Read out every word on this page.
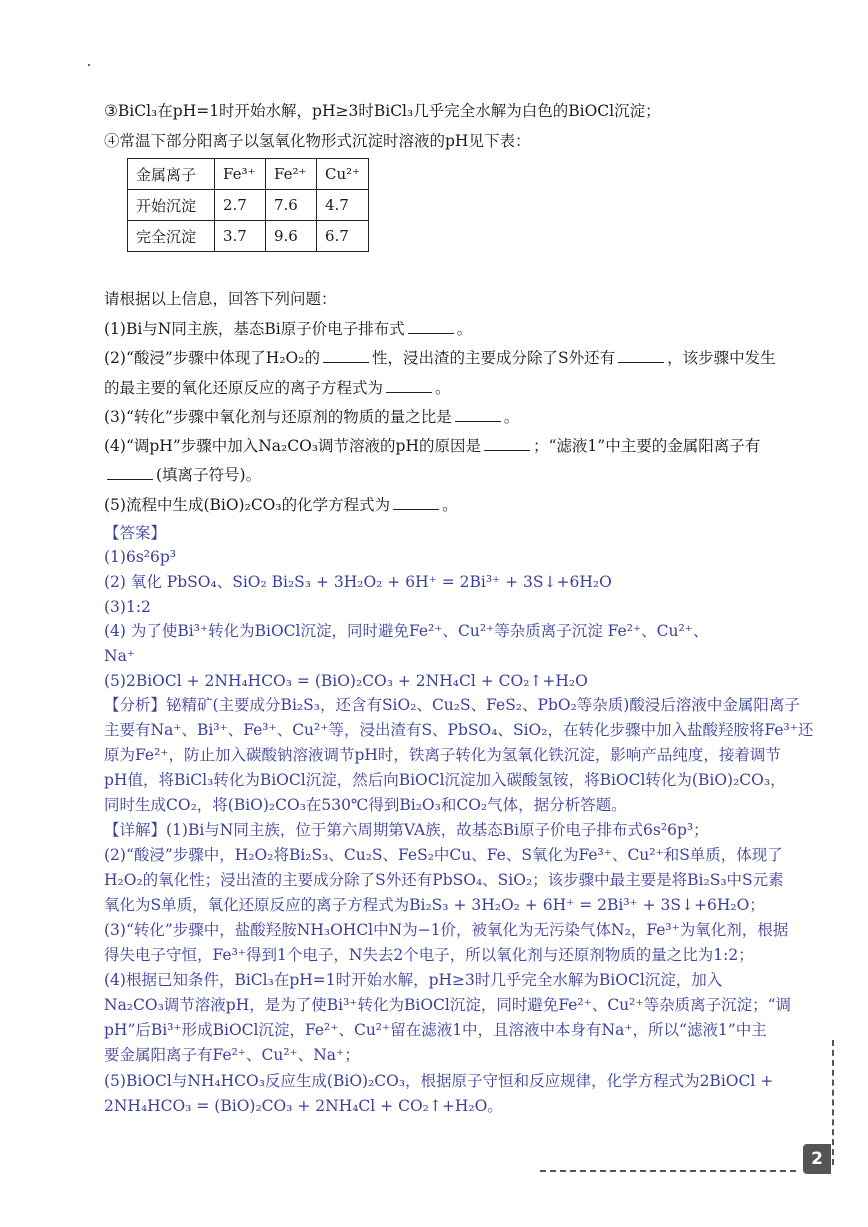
③BiCl₃在pH=1时开始水解，pH≥3时BiCl₃几乎完全水解为白色的BiOCl沉淀；
④常温下部分阳离子以氢氧化物形式沉淀时溶液的pH见下表：
金属离子	Fe³⁺	Fe²⁺	Cu²⁺
开始沉淀	2.7	7.6	4.7
完全沉淀	3.7	9.6	6.7
请根据以上信息，回答下列问题：
(1)Bi与N同主族，基态Bi原子价电子排布式	。
(2)“酸浸”步骤中体现了H₂O₂的	性，浸出渣的主要成分除了S外还有	，该步骤中发生
的最主要的氧化还原反应的离子方程式为	。
(3)“转化”步骤中氧化剂与还原剂的物质的量之比是	。
(4)“调pH”步骤中加入Na₂CO₃调节溶液的pH的原因是	；“滤液1”中主要的金属阳离子有
(填离子符号)。
(5)流程中生成(BiO)₂CO₃的化学方程式为	。
【答案】
(1)6s²6p³
(2) 氧化 PbSO₄、SiO₂ Bi₂S₃ + 3H₂O₂ + 6H⁺ = 2Bi³⁺ + 3S↓+6H₂O
(3)1:2
(4) 为了使Bi³⁺转化为BiOCl沉淀，同时避免Fe²⁺、Cu²⁺等杂质离子沉淀 Fe²⁺、Cu²⁺、
Na⁺
(5)2BiOCl + 2NH₄HCO₃ = (BiO)₂CO₃ + 2NH₄Cl + CO₂↑+H₂O
【分析】铋精矿(主要成分Bi₂S₃，还含有SiO₂、Cu₂S、FeS₂、PbO₂等杂质)酸浸后溶液中金属阳离子
主要有Na⁺、Bi³⁺、Fe³⁺、Cu²⁺等，浸出渣有S、PbSO₄、SiO₂，在转化步骤中加入盐酸羟胺将Fe³⁺还
原为Fe²⁺，防止加入碳酸钠溶液调节pH时，铁离子转化为氢氧化铁沉淀，影响产品纯度，接着调节
pH值，将BiCl₃转化为BiOCl沉淀，然后向BiOCl沉淀加入碳酸氢铵，将BiOCl转化为(BiO)₂CO₃，
同时生成CO₂，将(BiO)₂CO₃在530℃得到Bi₂O₃和CO₂气体，据分析答题。
【详解】(1)Bi与N同主族，位于第六周期第VA族，故基态Bi原子价电子排布式6s²6p³；
(2)“酸浸”步骤中，H₂O₂将Bi₂S₃、Cu₂S、FeS₂中Cu、Fe、S氧化为Fe³⁺、Cu²⁺和S单质，体现了
H₂O₂的氧化性；浸出渣的主要成分除了S外还有PbSO₄、SiO₂；该步骤中最主要是将Bi₂S₃中S元素
氧化为S单质，氧化还原反应的离子方程式为Bi₂S₃ + 3H₂O₂ + 6H⁺ = 2Bi³⁺ + 3S↓+6H₂O；
(3)“转化”步骤中，盐酸羟胺NH₃OHCl中N为−1价，被氧化为无污染气体N₂，Fe³⁺为氧化剂，根据
得失电子守恒，Fe³⁺得到1个电子，N失去2个电子，所以氧化剂与还原剂物质的量之比为1:2；
(4)根据已知条件，BiCl₃在pH=1时开始水解，pH≥3时几乎完全水解为BiOCl沉淀，加入
Na₂CO₃调节溶液pH，是为了使Bi³⁺转化为BiOCl沉淀，同时避免Fe²⁺、Cu²⁺等杂质离子沉淀；“调
pH”后Bi³⁺形成BiOCl沉淀，Fe²⁺、Cu²⁺留在滤液1中，且溶液中本身有Na⁺，所以“滤液1”中主
要金属阳离子有Fe²⁺、Cu²⁺、Na⁺；
(5)BiOCl与NH₄HCO₃反应生成(BiO)₂CO₃，根据原子守恒和反应规律，化学方程式为2BiOCl +
2NH₄HCO₃ = (BiO)₂CO₃ + 2NH₄Cl + CO₂↑+H₂O。
2
